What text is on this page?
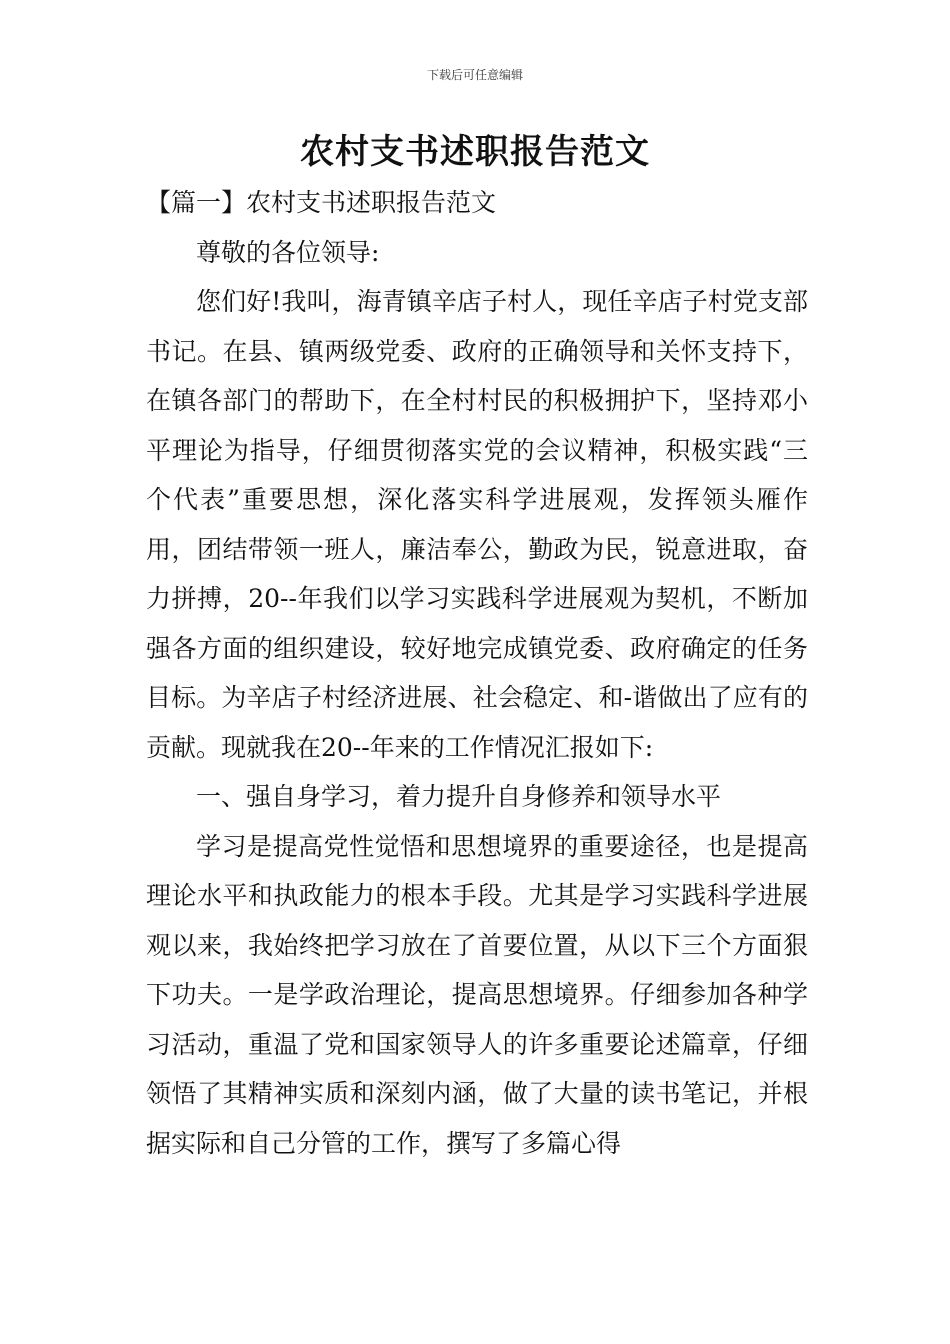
下载后可任意编辑
农村支书述职报告范文

【篇一】农村支书述职报告范文

尊敬的各位领导:

您们好!我叫，海青镇辛店子村人，现任辛店子村党支部书记。在县、镇两级党委、政府的正确领导和关怀支持下，在镇各部门的帮助下，在全村村民的积极拥护下，坚持邓小平理论为指导，仔细贯彻落实党的会议精神，积极实践“三个代表”重要思想，深化落实科学进展观，发挥领头雁作用，团结带领一班人，廉洁奉公，勤政为民，锐意进取，奋力拼搏，20--年我们以学习实践科学进展观为契机，不断加强各方面的组织建设，较好地完成镇党委、政府确定的任务目标。为辛店子村经济进展、社会稳定、和-谐做出了应有的贡献。现就我在20--年来的工作情况汇报如下:

一、强自身学习，着力提升自身修养和领导水平

学习是提高党性觉悟和思想境界的重要途径，也是提高理论水平和执政能力的根本手段。尤其是学习实践科学进展观以来，我始终把学习放在了首要位置，从以下三个方面狠下功夫。一是学政治理论，提高思想境界。仔细参加各种学习活动，重温了党和国家领导人的许多重要论述篇章，仔细领悟了其精神实质和深刻内涵，做了大量的读书笔记，并根据实际和自己分管的工作，撰写了多篇心得
